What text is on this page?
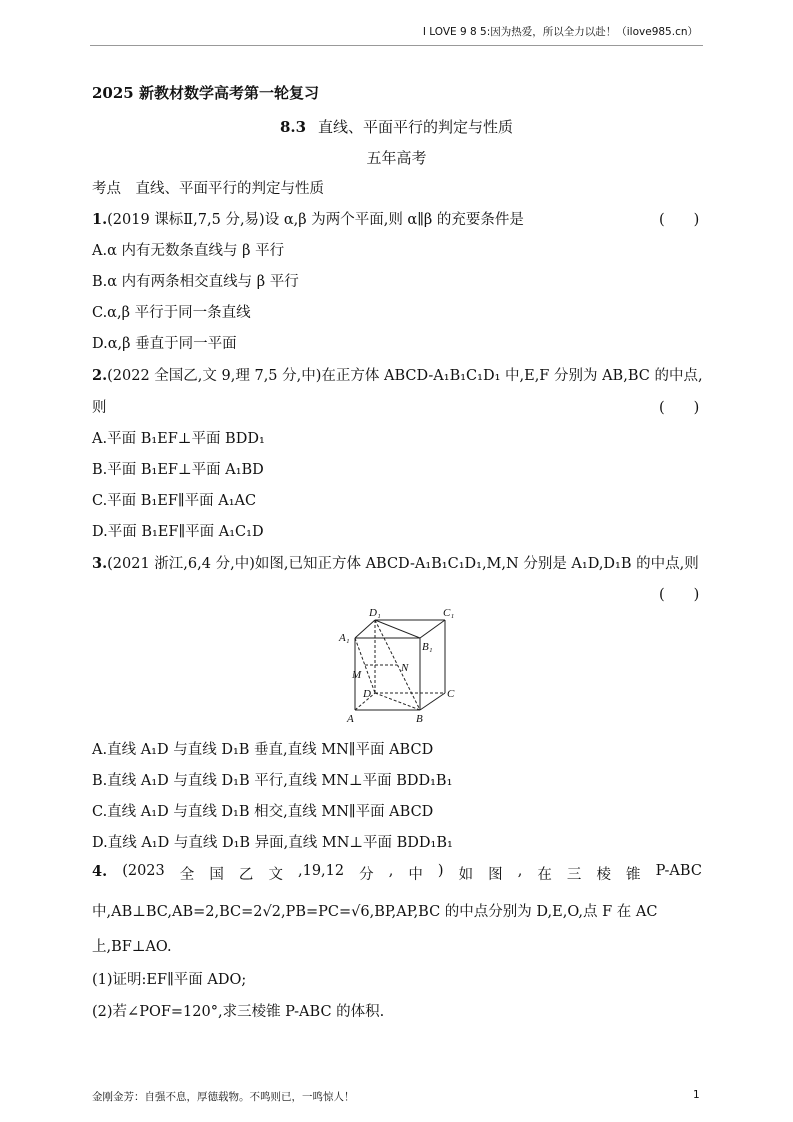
I LOVE 9 8 5:因为热爱，所以全力以赴！（ilove985.cn）
2025 新教材数学高考第一轮复习
8.3 直线、平面平行的判定与性质
五年高考
考点　直线、平面平行的判定与性质
1.(2019 课标Ⅱ,7,5 分,易)设 α,β 为两个平面,则 α∥β 的充要条件是	(　　)
A.α 内有无数条直线与 β 平行
B.α 内有两条相交直线与 β 平行
C.α,β 平行于同一条直线
D.α,β 垂直于同一平面
2.(2022 全国乙,文 9,理 7,5 分,中)在正方体 ABCD-A₁B₁C₁D₁ 中,E,F 分别为 AB,BC 的中点,
则	(　　)
A.平面 B₁EF⊥平面 BDD₁
B.平面 B₁EF⊥平面 A₁BD
C.平面 B₁EF∥平面 A₁AC
D.平面 B₁EF∥平面 A₁C₁D
3.(2021 浙江,6,4 分,中)如图,已知正方体 ABCD-A₁B₁C₁D₁,M,N 分别是 A₁D,D₁B 的中点,则
(　　)
D₁	C₁
A₁
B₁
N
M
D	C
A	B
A.直线 A₁D 与直线 D₁B 垂直,直线 MN∥平面 ABCD
B.直线 A₁D 与直线 D₁B 平行,直线 MN⊥平面 BDD₁B₁
C.直线 A₁D 与直线 D₁B 相交,直线 MN∥平面 ABCD
D.直线 A₁D 与直线 D₁B 异面,直线 MN⊥平面 BDD₁B₁
4. (2023 全 国 乙 文 ,19,12 分 , 中 ) 如 图 , 在 三 棱 锥 P-ABC
中,AB⊥BC,AB=2,BC=2√2,PB=PC=√6,BP,AP,BC 的中点分别为 D,E,O,点 F 在 AC
上,BF⊥AO.
(1)证明:EF∥平面 ADO;
(2)若∠POF=120°,求三棱锥 P-ABC 的体积.
金刚金芳：自强不息，厚德载物。不鸣则已，一鸣惊人！	1
